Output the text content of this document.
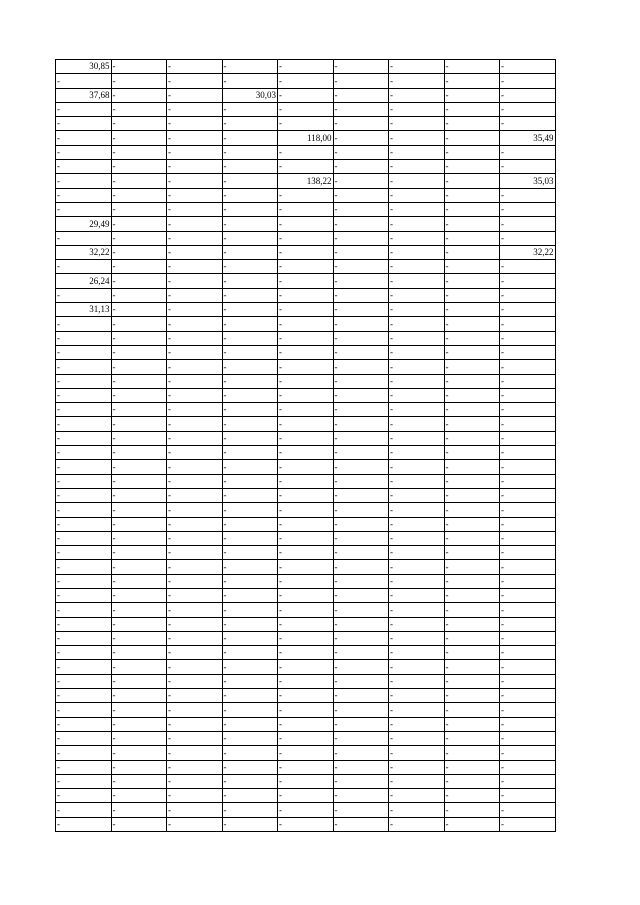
30,85	-	-	-	-	-	-	-	-
-	-	-	-	-	-	-	-	-
37,68	-	-	30,03	-	-	-	-	-
-	-	-	-	-	-	-	-	-
-	-	-	-	-	-	-	-	-
-	-	-	-	118,00	-	-	-	35,49
-	-	-	-	-	-	-	-	-
-	-	-	-	-	-	-	-	-
-	-	-	-	138,22	-	-	-	35,03
-	-	-	-	-	-	-	-	-
-	-	-	-	-	-	-	-	-
29,49	-	-	-	-	-	-	-	-
-	-	-	-	-	-	-	-	-
32,22	-	-	-	-	-	-	-	32,22
-	-	-	-	-	-	-	-	-
26,24	-	-	-	-	-	-	-	-
-	-	-	-	-	-	-	-	-
31,13	-	-	-	-	-	-	-	-
-	-	-	-	-	-	-	-	-
-	-	-	-	-	-	-	-	-
-	-	-	-	-	-	-	-	-
-	-	-	-	-	-	-	-	-
-	-	-	-	-	-	-	-	-
-	-	-	-	-	-	-	-	-
-	-	-	-	-	-	-	-	-
-	-	-	-	-	-	-	-	-
-	-	-	-	-	-	-	-	-
-	-	-	-	-	-	-	-	-
-	-	-	-	-	-	-	-	-
-	-	-	-	-	-	-	-	-
-	-	-	-	-	-	-	-	-
-	-	-	-	-	-	-	-	-
-	-	-	-	-	-	-	-	-
-	-	-	-	-	-	-	-	-
-	-	-	-	-	-	-	-	-
-	-	-	-	-	-	-	-	-
-	-	-	-	-	-	-	-	-
-	-	-	-	-	-	-	-	-
-	-	-	-	-	-	-	-	-
-	-	-	-	-	-	-	-	-
-	-	-	-	-	-	-	-	-
-	-	-	-	-	-	-	-	-
-	-	-	-	-	-	-	-	-
-	-	-	-	-	-	-	-	-
-	-	-	-	-	-	-	-	-
-	-	-	-	-	-	-	-	-
-	-	-	-	-	-	-	-	-
-	-	-	-	-	-	-	-	-
-	-	-	-	-	-	-	-	-
-	-	-	-	-	-	-	-	-
-	-	-	-	-	-	-	-	-
-	-	-	-	-	-	-	-	-
-	-	-	-	-	-	-	-	-
-	-	-	-	-	-	-	-	-
